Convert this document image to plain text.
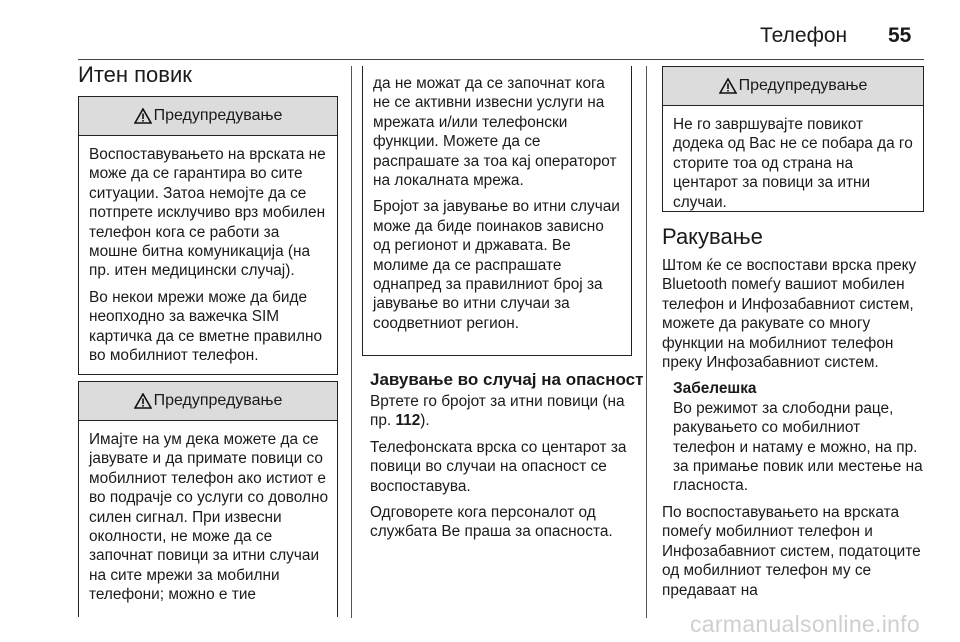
Телефон 55
Итен повик
Предупредување

Воспоставувањето на врската не може да се гарантира во сите ситуации. Затоа немојте да се потпрете исклучиво врз мобилен телефон кога се работи за мошне битна комуникација (на пр. итен медицински случај).

Во некои мрежи може да биде неопходно за важечка SIM картичка да се вметне правилно во мобилниот телефон.

Предупредување

Имајте на ум дека можете да се јавувате и да примате повици со мобилниот телефон ако истиот е во подрачје со услуги со доволно силен сигнал. При извесни околности, не може да се започнат повици за итни случаи на сите мрежи за мобилни телефони; можно е тие

да не можат да се започнат кога не се активни извесни услуги на мрежата и/или телефонски функции. Можете да се распрашате за тоа кај операторот на локалната мрежа.

Бројот за јавување во итни случаи може да биде поинаков зависно од регионот и државата. Ве молиме да се распрашате однапред за правилниот број за јавување во итни случаи за соодветниот регион.

Јавување во случај на опасност

Вртете го бројот за итни повици (на пр. 112).

Телефонската врска со центарот за повици во случаи на опасност се воспоставува.

Одговорете кога персоналот од службата Ве праша за опасноста.

Предупредување

Не го завршувајте повикот додека од Вас не се побара да го сторите тоа од страна на центарот за повици за итни случаи.

Ракување

Штом ќе се воспостави врска преку Bluetooth помеѓу вашиот мобилен телефон и Инфозабавниот систем, можете да ракувате со многу функции на мобилниот телефон преку Инфозабавниот систем.

Забелешка

Во режимот за слободни раце, ракувањето со мобилниот телефон и натаму е можно, на пр. за примање повик или местење на гласноста.

По воспоставувањето на врската помеѓу мобилниот телефон и Инфозабавниот систем, податоците од мобилниот телефон му се предаваат на

carmanualsonline.info
